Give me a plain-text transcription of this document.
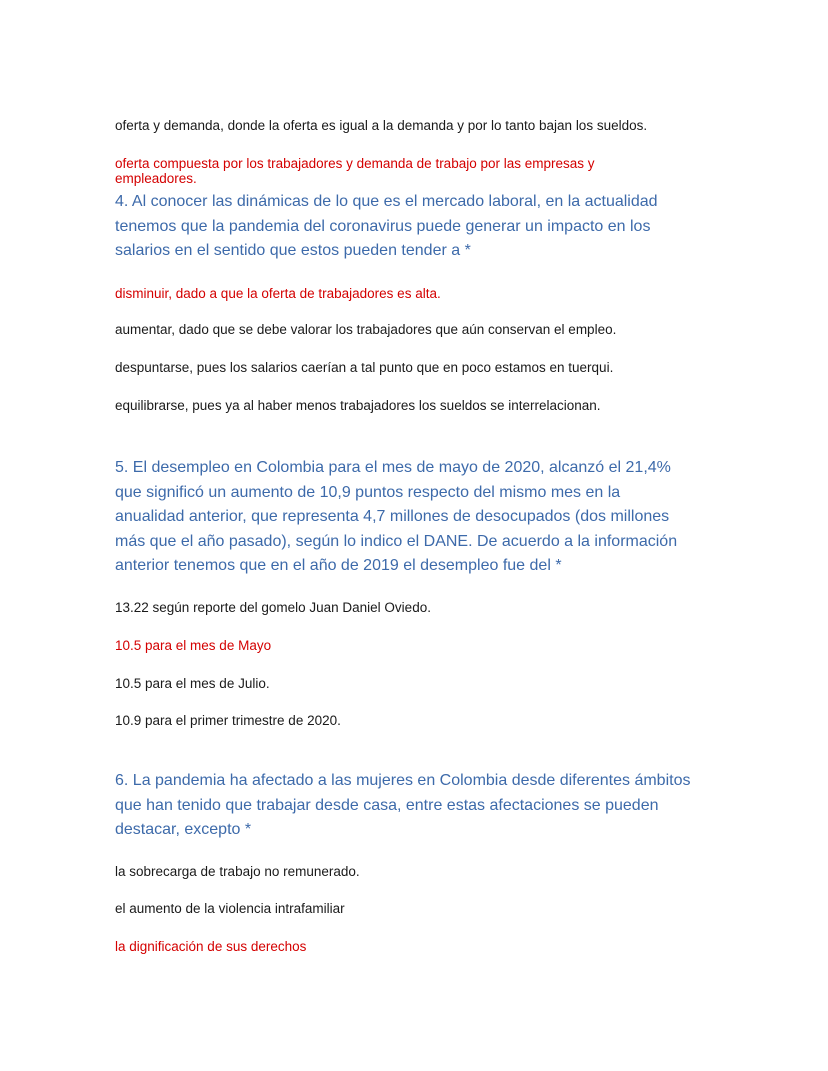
oferta y demanda, donde la oferta es igual a la demanda y por lo tanto bajan los sueldos.

oferta compuesta por los trabajadores y demanda de trabajo por las empresas y

empleadores.

4. Al conocer las dinámicas de lo que es el mercado laboral, en la actualidad
tenemos que la pandemia del coronavirus puede generar un impacto en los
salarios en el sentido que estos pueden tender a *

disminuir, dado a que la oferta de trabajadores es alta.

aumentar, dado que se debe valorar los trabajadores que aún conservan el empleo.

despuntarse, pues los salarios caerían a tal punto que en poco estamos en tuerqui.

equilibrarse, pues ya al haber menos trabajadores los sueldos se interrelacionan.

5. El desempleo en Colombia para el mes de mayo de 2020, alcanzó el 21,4%
que significó un aumento de 10,9 puntos respecto del mismo mes en la
anualidad anterior, que representa 4,7 millones de desocupados (dos millones
más que el año pasado), según lo indico el DANE. De acuerdo a la información
anterior tenemos que en el año de 2019 el desempleo fue del *

13.22 según reporte del gomelo Juan Daniel Oviedo.

10.5 para el mes de Mayo

10.5 para el mes de Julio.

10.9 para el primer trimestre de 2020.

6. La pandemia ha afectado a las mujeres en Colombia desde diferentes ámbitos
que han tenido que trabajar desde casa, entre estas afectaciones se pueden
destacar, excepto *

la sobrecarga de trabajo no remunerado.

el aumento de la violencia intrafamiliar

la dignificación de sus derechos
